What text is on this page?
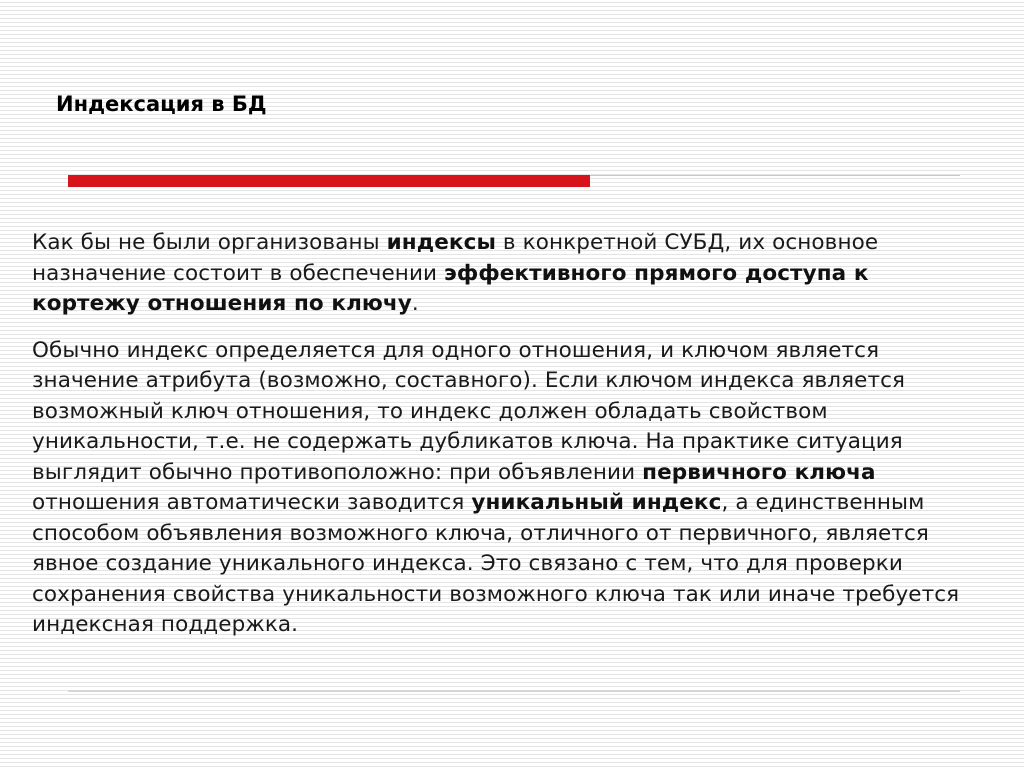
Индексация в БД

Как бы не были организованы индексы в конкретной СУБД, их основное назначение состоит в обеспечении эффективного прямого доступа к кортежу отношения по ключу.

Обычно индекс определяется для одного отношения, и ключом является значение атрибута (возможно, составного). Если ключом индекса является возможный ключ отношения, то индекс должен обладать свойством уникальности, т.е. не содержать дубликатов ключа. На практике ситуация выглядит обычно противоположно: при объявлении первичного ключа отношения автоматически заводится уникальный индекс, а единственным способом объявления возможного ключа, отличного от первичного, является явное создание уникального индекса. Это связано с тем, что для проверки сохранения свойства уникальности возможного ключа так или иначе требуется индексная поддержка.
